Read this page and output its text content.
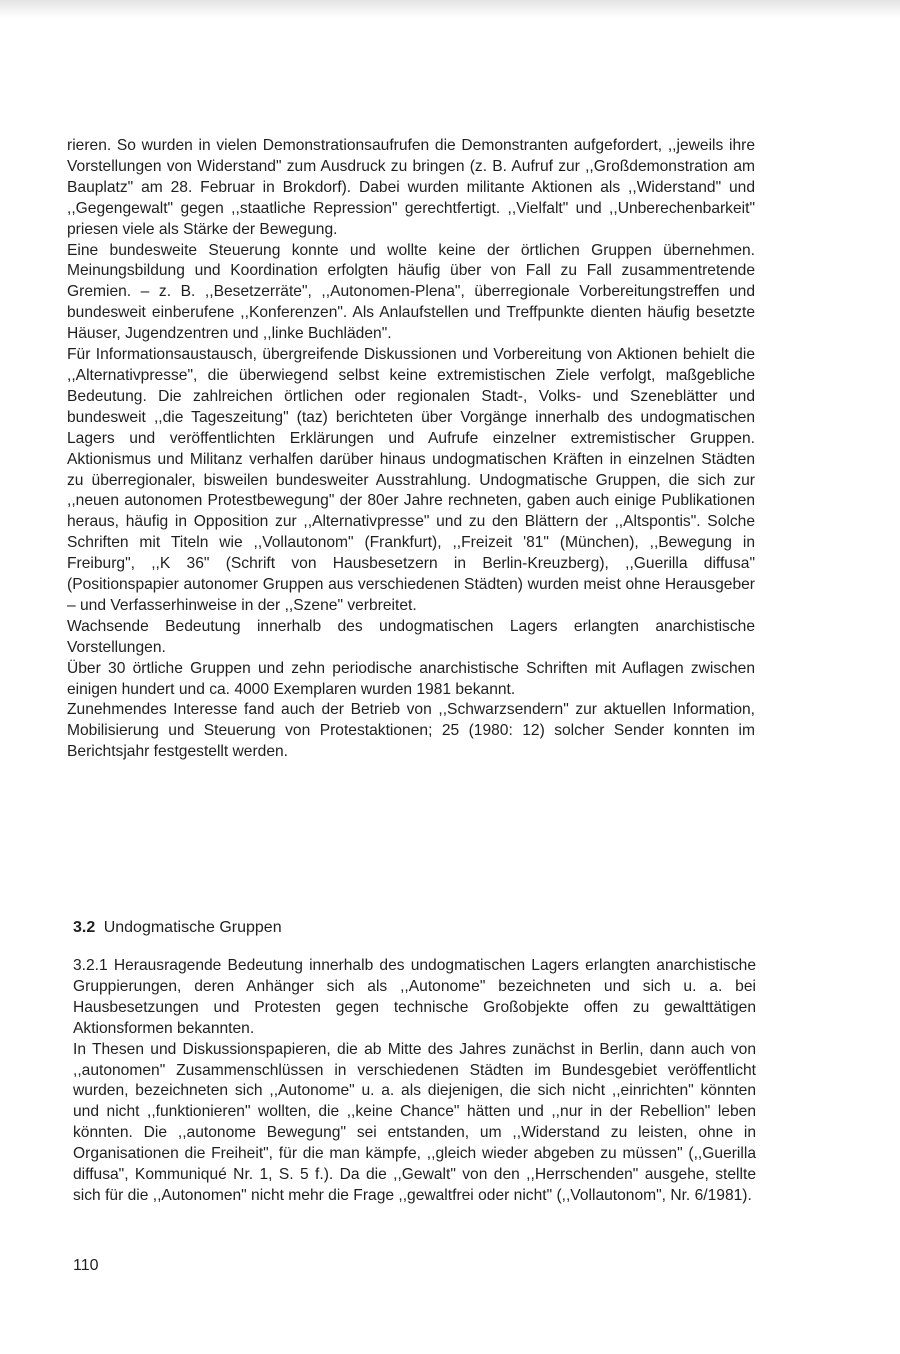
rieren. So wurden in vielen Demonstrationsaufrufen die Demonstranten aufgefordert, ,,jeweils ihre Vorstellungen von Widerstand" zum Ausdruck zu bringen (z. B. Aufruf zur ,,Großdemonstration am Bauplatz" am 28. Februar in Brokdorf). Dabei wurden militante Aktionen als ,,Widerstand" und ,,Gegengewalt" gegen ,,staatliche Repression" gerechtfertigt. ,,Vielfalt" und ,,Unberechenbarkeit" priesen viele als Stärke der Bewegung.

Eine bundesweite Steuerung konnte und wollte keine der örtlichen Gruppen übernehmen. Meinungsbildung und Koordination erfolgten häufig über von Fall zu Fall zusammentretende Gremien. – z. B. ,,Besetzerräte", ,,Autonomen-Plena", überregionale Vorbereitungstreffen und bundesweit einberufene ,,Konferenzen". Als Anlaufstellen und Treffpunkte dienten häufig besetzte Häuser, Jugendzentren und ,,linke Buchläden".

Für Informationsaustausch, übergreifende Diskussionen und Vorbereitung von Aktionen behielt die ,,Alternativpresse", die überwiegend selbst keine extremistischen Ziele verfolgt, maßgebliche Bedeutung. Die zahlreichen örtlichen oder regionalen Stadt-, Volks- und Szeneblätter und bundesweit ,,die Tageszeitung" (taz) berichteten über Vorgänge innerhalb des undogmatischen Lagers und veröffentlichten Erklärungen und Aufrufe einzelner extremistischer Gruppen. Aktionismus und Militanz verhalfen darüber hinaus undogmatischen Kräften in einzelnen Städten zu überregionaler, bisweilen bundesweiter Ausstrahlung. Undogmatische Gruppen, die sich zur ,,neuen autonomen Protestbewegung" der 80er Jahre rechneten, gaben auch einige Publikationen heraus, häufig in Opposition zur ,,Alternativpresse" und zu den Blättern der ,,Altspontis". Solche Schriften mit Titeln wie ,,Vollautonom" (Frankfurt), ,,Freizeit '81" (München), ,,Bewegung in Freiburg", ,,K 36" (Schrift von Hausbesetzern in Berlin-Kreuzberg), ,,Guerilla diffusa" (Positionspapier autonomer Gruppen aus verschiedenen Städten) wurden meist ohne Herausgeber – und Verfasserhinweise in der ,,Szene" verbreitet.

Wachsende Bedeutung innerhalb des undogmatischen Lagers erlangten anarchistische Vorstellungen.

Über 30 örtliche Gruppen und zehn periodische anarchistische Schriften mit Auflagen zwischen einigen hundert und ca. 4000 Exemplaren wurden 1981 bekannt.

Zunehmendes Interesse fand auch der Betrieb von ,,Schwarzsendern" zur aktuellen Information, Mobilisierung und Steuerung von Protestaktionen; 25 (1980: 12) solcher Sender konnten im Berichtsjahr festgestellt werden.

3.2 Undogmatische Gruppen

3.2.1 Herausragende Bedeutung innerhalb des undogmatischen Lagers erlangten anarchistische Gruppierungen, deren Anhänger sich als ,,Autonome" bezeichneten und sich u. a. bei Hausbesetzungen und Protesten gegen technische Großobjekte offen zu gewalttätigen Aktionsformen bekannten.

In Thesen und Diskussionspapieren, die ab Mitte des Jahres zunächst in Berlin, dann auch von ,,autonomen" Zusammenschlüssen in verschiedenen Städten im Bundesgebiet veröffentlicht wurden, bezeichneten sich ,,Autonome" u. a. als diejenigen, die sich nicht ,,einrichten" könnten und nicht ,,funktionieren" wollten, die ,,keine Chance" hätten und ,,nur in der Rebellion" leben könnten. Die ,,autonome Bewegung" sei entstanden, um ,,Widerstand zu leisten, ohne in Organisationen die Freiheit", für die man kämpfe, ,,gleich wieder abgeben zu müssen" (,,Guerilla diffusa", Kommuniqué Nr. 1, S. 5 f.). Da die ,,Gewalt" von den ,,Herrschenden" ausgehe, stellte sich für die ,,Autonomen" nicht mehr die Frage ,,gewaltfrei oder nicht" (,,Vollautonom", Nr. 6/1981).

110
